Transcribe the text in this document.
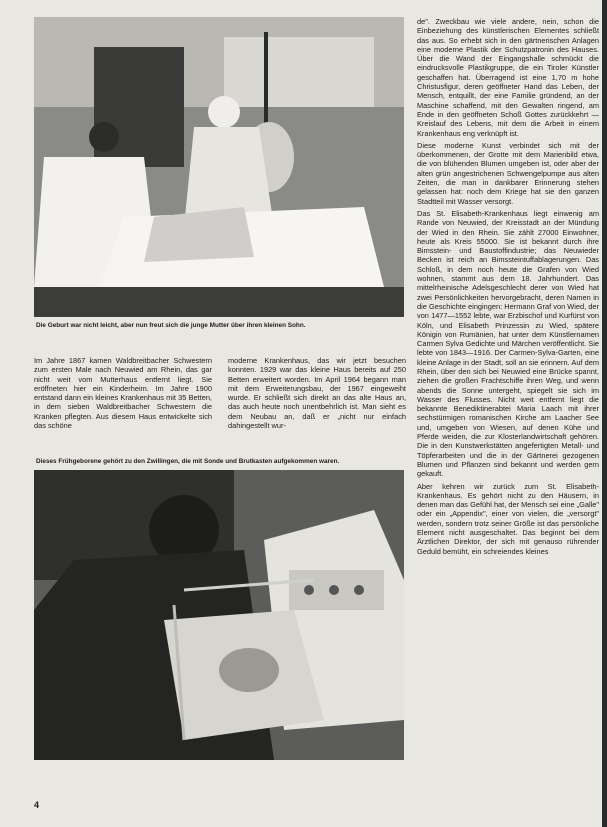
Die Geburt war nicht leicht, aber nun freut sich die junge Mutter über ihren kleinen Sohn.

Im Jahre 1867 kamen Waldbreitbacher Schwestern zum ersten Male nach Neuwied am Rhein, das gar nicht weit vom Mutterhaus entfernt liegt. Sie eröffneten hier ein Kinderheim. Im Jahre 1900 entstand dann ein kleines Krankenhaus mit 35 Betten, in dem sieben Waldbreitbacher Schwestern die Kranken pflegten. Aus diesem Haus entwickelte sich das schöne

moderne Krankenhaus, das wir jetzt besuchen konnten. 1929 war das kleine Haus bereits auf 250 Betten erweitert worden. Im April 1964 begann man mit dem Erweiterungsbau, der 1967 eingeweiht wurde. Er schließt sich direkt an das alte Haus an, das auch heute noch unentbehrlich ist. Man sieht es dem Neubau an, daß er „nicht nur einfach dahingestellt wur-

Dieses Frühgeborene gehört zu den Zwillingen, die mit Sonde und Brutkasten aufgekommen waren.

de". Zweckbau wie viele andere, nein, schon die Einbeziehung des künstlerischen Elementes schließt das aus. So erhebt sich in den gärtnerischen Anlagen eine moderne Plastik der Schutzpatronin des Hauses. Über die Wand der Eingangshalle schmückt die eindrucksvolle Plastikgruppe, die ein Tiroler Künstler geschaffen hat. Überragend ist eine 1,70 m hohe Christusfigur, deren geöffneter Hand das Leben, der Mensch, entquillt, der eine Familie gründend, an der Maschine schaffend, mit den Gewalten ringend, am Ende in den geöffneten Schoß Gottes zurückkehrt — Kreislauf des Lebens, mit dem die Arbeit in einem Krankenhaus eng verknüpft ist.

Diese moderne Kunst verbindet sich mit der überkommenen, der Grotte mit dem Marienbild etwa, die von blühenden Blumen umgeben ist, oder aber der alten grün angestrichenen Schwengelpumpe aus alten Zeiten, die man in dankbarer Erinnerung stehen gelassen hat: noch dem Kriege hat sie den ganzen Stadtteil mit Wasser versorgt.

Das St. Elisabeth-Krankenhaus liegt einwenig am Rande von Neuwied, der Kreisstadt an der Mündung der Wied in den Rhein. Sie zählt 27000 Einwohner, heute als Kreis 55000. Sie ist bekannt durch ihre Bimsstein- und Baustoffindustrie; das Neuwieder Becken ist reich an Bimssteintuffablagerungen. Das Schloß, in dem noch heute die Grafen von Wied wohnen, stammt aus dem 18. Jahrhundert. Das mittelrheinische Adelsgeschlecht derer von Wied hat zwei Persönlichkeiten hervorgebracht, deren Namen in die Geschichte eingingen: Hermann Graf von Wied, der von 1477—1552 lebte, war Erzbischof und Kurfürst von Köln, und Elisabeth Prinzessin zu Wied, spätere Königin von Rumänien, hat unter dem Künstlernamen Carmen Sylva Gedichte und Märchen veröffentlicht. Sie lebte von 1843—1916. Der Carmen-Sylva-Garten, eine kleine Anlage in der Stadt, soll an sie erinnern. Auf dem Rhein, über den sich bei Neuwied eine Brücke spannt, ziehen die großen Frachtschiffe ihren Weg, und wenn abends die Sonne untergeht, spiegelt sie sich im Wasser des Flusses. Nicht weit entfernt liegt die bekannte Benediktinerabtei Maria Laach mit ihrer sechstürmigen romanischen Kirche am Laacher See und, umgeben von Wiesen, auf denen Kühe und Pferde weiden, die zur Klosterlandwirtschaft gehören. Die in den Kunstwerkstätten angefertigten Metall- und Töpferarbeiten und die in der Gärtnerei gezogenen Blumen und Pflanzen sind bekannt und werden gern gekauft.

Aber kehren wir zurück zum St. Elisabeth-Krankenhaus. Es gehört nicht zu den Häusern, in denen man das Gefühl hat, der Mensch sei eine „Galle" oder ein „Appendix", einer von vielen, die „versorgt" werden, sondern trotz seiner Größe ist das persönliche Element nicht ausgeschaltet. Das beginnt bei dem Ärztlichen Direktor, der sich mit genauso rührender Geduld bemüht, ein schreiendes kleines

4
